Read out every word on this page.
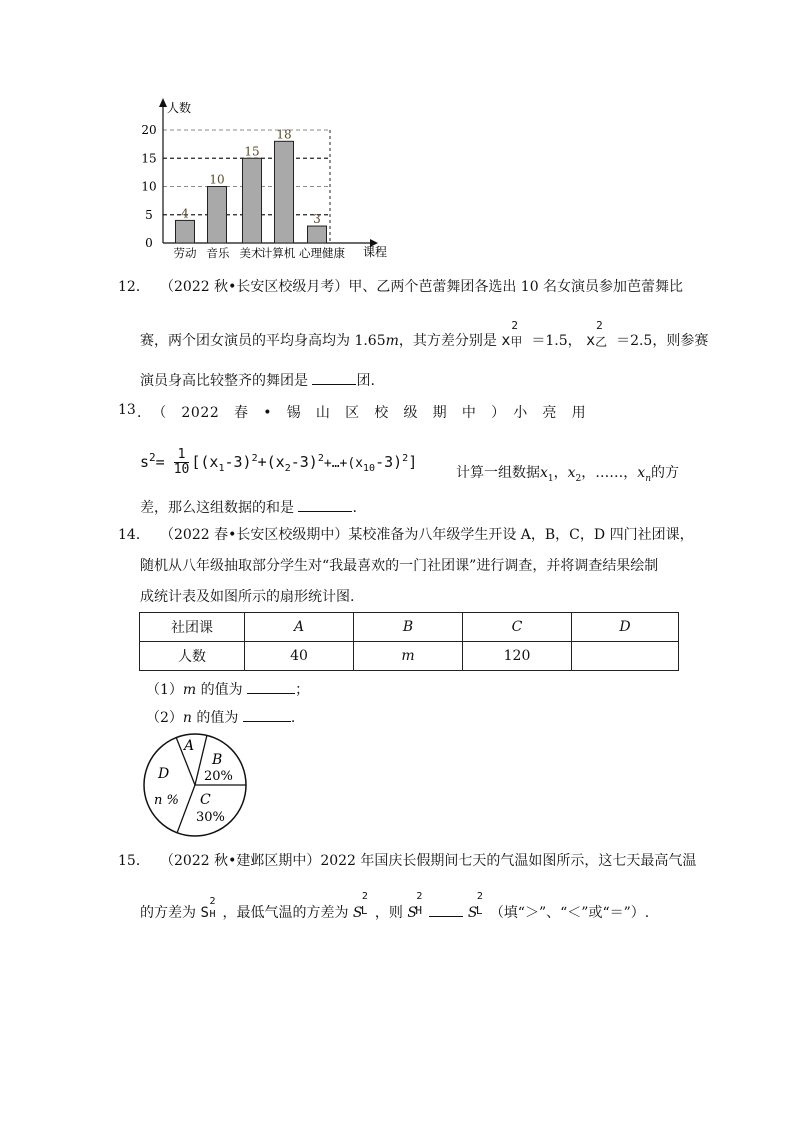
0
5
10
15
20
人数
课程
4
10
15
18
3
劳动 音乐 美术
计算机 心理健康
12． （2022 秋•长安区校级月考）甲、乙两个芭蕾舞团各选出 10 名女演员参加芭蕾舞比
赛，两个团女演员的平均身高均为 1.65m，其方差分别是 x
2
甲 ＝1.5， x
2
乙 ＝2.5，则参赛
演员身高比较整齐的舞团是	团.
13 ．　（　2022　春　•　锡　山　区　校　级　期　中　）　小　亮　用
$s^2= \frac{1}{10}$ $[(x_1-3)^2+(x_2-3)^2+\dots+(x_{10}-3)^2]$
计算一组数据$x_1$，$x_2$，……，$x_n$的方
差，那么这组数据的和是	.
14． （2022 春•长安区校级期中）某校准备为八年级学生开设 A，B，C，D 四门社团课，
随机从八年级抽取部分学生对“我最喜欢的一门社团课”进行调查，并将调查结果绘制
成统计表及如图所示的扇形统计图.
社团课	A	B	C	D
人数	40	m	120	
（1）m 的值为	；
（2）n 的值为	.
A
B
20%
C
30%
D
n %
15． （2022 秋•建邺区期中）2022 年国庆长假期间七天的气温如图所示，这七天最高气温
的方差为 S
2
H ，最低气温的方差为 S
2
L ，则 S
2
H	S
2
L （填“＞”、“＜”或“＝”）.
